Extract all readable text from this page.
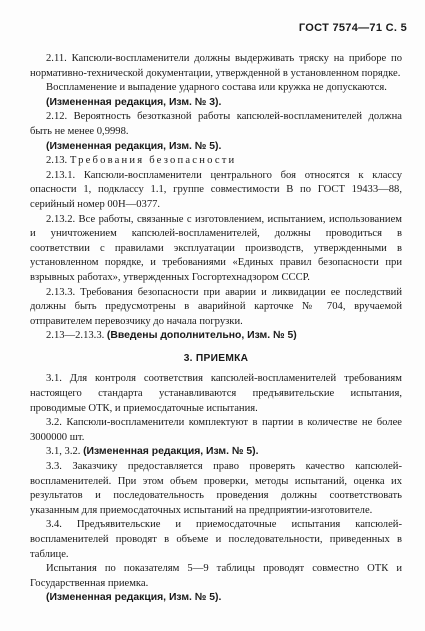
ГОСТ 7574—71 С. 5

2.11. Капсюли-воспламенители должны выдерживать тряску на приборе по нормативно-технической документации, утвержденной в установленном порядке.

Воспламенение и выпадение ударного состава или кружка не допускаются.

(Измененная редакция, Изм. № 3).

2.12. Вероятность безотказной работы капсюлей-воспламенителей должна быть не менее 0,9998.

(Измененная редакция, Изм. № 5).

2.13. Требования безопасности

2.13.1. Капсюли-воспламенители центрального боя относятся к классу опасности 1, подклассу 1.1, группе совместимости В по ГОСТ 19433—88, серийный номер 00Н—0377.

2.13.2. Все работы, связанные с изготовлением, испытанием, использованием и уничтожением капсюлей-воспламенителей, должны проводиться в соответствии с правилами эксплуатации производств, утвержденными в установленном порядке, и требованиями «Единых правил безопасности при взрывных работах», утвержденных Госгортехнадзором СССР.

2.13.3. Требования безопасности при аварии и ликвидации ее последствий должны быть предусмотрены в аварийной карточке № 704, вручаемой отправителем перевозчику до начала погрузки.

2.13—2.13.3. (Введены дополнительно, Изм. № 5)

3. ПРИЕМКА

3.1. Для контроля соответствия капсюлей-воспламенителей требованиям настоящего стандарта устанавливаются предъявительские испытания, проводимые ОТК, и приемосдаточные испытания.

3.2. Капсюли-воспламенители комплектуют в партии в количестве не более 3000000 шт.

3.1, 3.2. (Измененная редакция, Изм. № 5).

3.3. Заказчику предоставляется право проверять качество капсюлей-воспламенителей. При этом объем проверки, методы испытаний, оценка их результатов и последовательность проведения должны соответствовать указанным для приемосдаточных испытаний на предприятии-изготовителе.

3.4. Предъявительские и приемосдаточные испытания капсюлей-воспламенителей проводят в объеме и последовательности, приведенных в таблице.

Испытания по показателям 5—9 таблицы проводят совместно ОТК и Государственная приемка.

(Измененная редакция, Изм. № 5).
